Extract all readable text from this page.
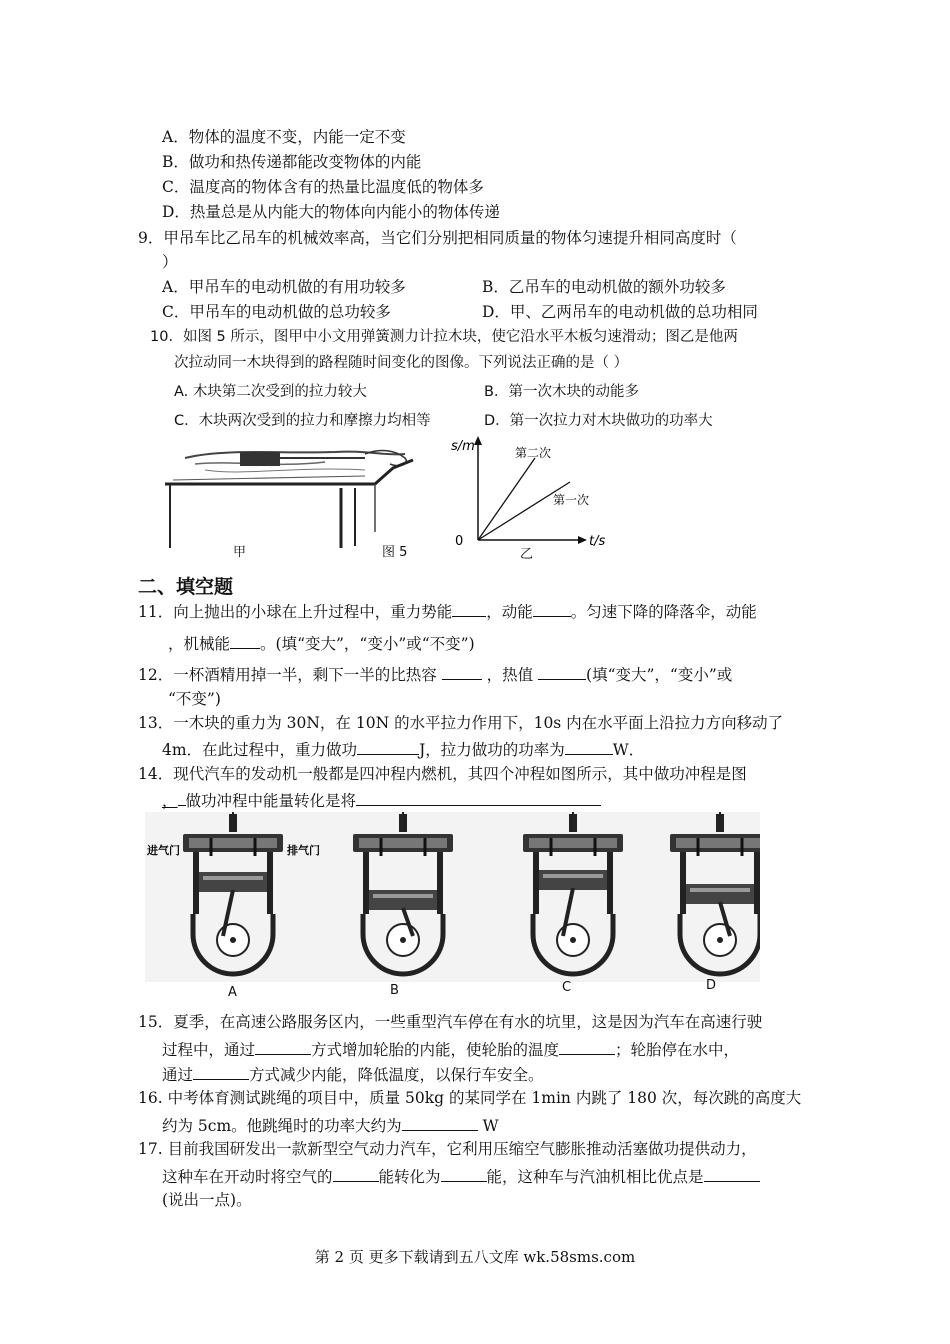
A．物体的温度不变，内能一定不变
B．做功和热传递都能改变物体的内能
C．温度高的物体含有的热量比温度低的物体多
D．热量总是从内能大的物体向内能小的物体传递
9．甲吊车比乙吊车的机械效率高，当它们分别把相同质量的物体匀速提升相同高度时（
）
A．甲吊车的电动机做的有用功较多	B．乙吊车的电动机做的额外功较多
C．甲吊车的电动机做的总功较多	D．甲、乙两吊车的电动机做的总功相同
10．如图 5 所示，图甲中小文用弹簧测力计拉木块，使它沿水平木板匀速滑动；图乙是他两
次拉动同一木块得到的路程随时间变化的图像。下列说法正确的是（ ）
A. 木块第二次受到的拉力较大	B．第一次木块的动能多
C．木块两次受到的拉力和摩擦力均相等	D．第一次拉力对木块做功的功率大
甲	图 5
s/m
t/s
0
第二次
第一次
乙
二、填空题
11．向上抛出的小球在上升过程中，重力势能 ，动能 。匀速下降的降落伞，动能
，机械能 。(填“变大”，“变小”或“不变”)
12．一杯酒精用掉一半，剩下一半的比热容	，热值	(填“变大”，“变小”或
“不变”)
13．一木块的重力为 30N，在 10N 的水平拉力作用下，10s 内在水平面上沿拉力方向移动了
4m．在此过程中，重力做功	J，拉力做功的功率为	W．
14．现代汽车的发动机一般都是四冲程内燃机，其四个冲程如图所示，其中做功冲程是图
， 做功冲程中能量转化是将
进气门	排气门
A	B	C	D
15．夏季，在高速公路服务区内，一些重型汽车停在有水的坑里，这是因为汽车在高速行驶
过程中，通过	方式增加轮胎的内能，使轮胎的温度	；轮胎停在水中，
通过	方式减少内能，降低温度，以保行车安全。
16. 中考体育测试跳绳的项目中，质量 50kg 的某同学在 1min 内跳了 180 次，每次跳的高度大
约为 5cm。他跳绳时的功率大约为	W
17. 目前我国研发出一款新型空气动力汽车，它利用压缩空气膨胀推动活塞做功提供动力，
这种车在开动时将空气的	能转化为	能，这种车与汽油机相比优点是
(说出一点)。
第 2 页 更多下载请到五八文库 wk.58sms.com
